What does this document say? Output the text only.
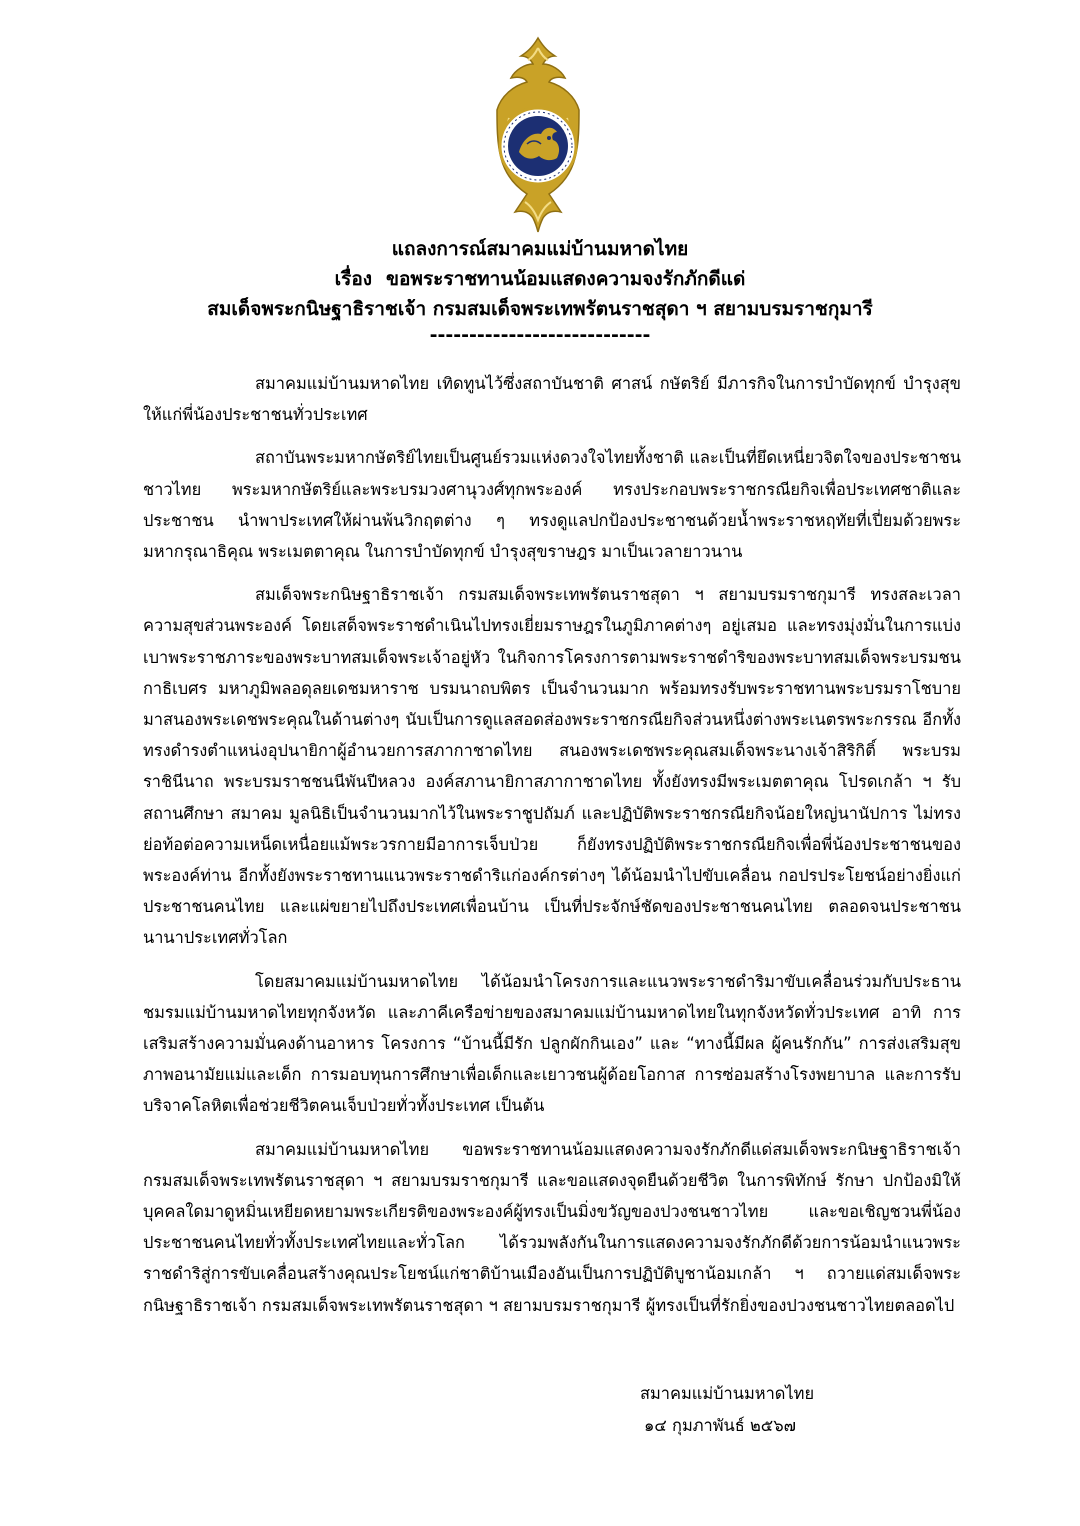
แถลงการณ์สมาคมแม่บ้านมหาดไทย
เรื่อง ขอพระราชทานน้อมแสดงความจงรักภักดีแด่
สมเด็จพระกนิษฐาธิราชเจ้า กรมสมเด็จพระเทพรัตนราชสุดา ฯ สยามบรมราชกุมารี
----------------------------

สมาคมแม่บ้านมหาดไทย เทิดทูนไว้ซึ่งสถาบันชาติ ศาสน์ กษัตริย์ มีภารกิจในการบำบัดทุกข์ บำรุงสุขให้แก่พี่น้องประชาชนทั่วประเทศ

สถาบันพระมหากษัตริย์ไทยเป็นศูนย์รวมแห่งดวงใจไทยทั้งชาติ และเป็นที่ยึดเหนี่ยวจิตใจของประชาชนชาวไทย พระมหากษัตริย์และพระบรมวงศานุวงศ์ทุกพระองค์ ทรงประกอบพระราชกรณียกิจเพื่อประเทศชาติและประชาชน นำพาประเทศให้ผ่านพ้นวิกฤตต่าง ๆ ทรงดูแลปกป้องประชาชนด้วยน้ำพระราชหฤทัยที่เปี่ยมด้วยพระมหากรุณาธิคุณ พระเมตตาคุณ ในการบำบัดทุกข์ บำรุงสุขราษฎร มาเป็นเวลายาวนาน

สมเด็จพระกนิษฐาธิราชเจ้า กรมสมเด็จพระเทพรัตนราชสุดา ฯ สยามบรมราชกุมารี ทรงสละเวลาความสุขส่วนพระองค์ โดยเสด็จพระราชดำเนินไปทรงเยี่ยมราษฎรในภูมิภาคต่างๆ อยู่เสมอ และทรงมุ่งมั่นในการแบ่งเบาพระราชภาระของพระบาทสมเด็จพระเจ้าอยู่หัว ในกิจการโครงการตามพระราชดำริของพระบาทสมเด็จพระบรมชนกาธิเบศร มหาภูมิพลอดุลยเดชมหาราช บรมนาถบพิตร เป็นจำนวนมาก พร้อมทรงรับพระราชทานพระบรมราโชบายมาสนองพระเดชพระคุณในด้านต่างๆ นับเป็นการดูแลสอดส่องพระราชกรณียกิจส่วนหนึ่งต่างพระเนตรพระกรรณ อีกทั้งทรงดำรงตำแหน่งอุปนายิกาผู้อำนวยการสภากาชาดไทย สนองพระเดชพระคุณสมเด็จพระนางเจ้าสิริกิติ์ พระบรมราชินีนาถ พระบรมราชชนนีพันปีหลวง องค์สภานายิกาสภากาชาดไทย ทั้งยังทรงมีพระเมตตาคุณ โปรดเกล้า ฯ รับสถานศึกษา สมาคม มูลนิธิเป็นจำนวนมากไว้ในพระราชูปถัมภ์ และปฏิบัติพระราชกรณียกิจน้อยใหญ่นานัปการ ไม่ทรงย่อท้อต่อความเหน็ดเหนื่อยแม้พระวรกายมีอาการเจ็บป่วย ก็ยังทรงปฏิบัติพระราชกรณียกิจเพื่อพี่น้องประชาชนของพระองค์ท่าน อีกทั้งยังพระราชทานแนวพระราชดำริแก่องค์กรต่างๆ ได้น้อมนำไปขับเคลื่อน กอปรประโยชน์อย่างยิ่งแก่ประชาชนคนไทย และแผ่ขยายไปถึงประเทศเพื่อนบ้าน เป็นที่ประจักษ์ชัดของประชาชนคนไทย ตลอดจนประชาชนนานาประเทศทั่วโลก

โดยสมาคมแม่บ้านมหาดไทย ได้น้อมนำโครงการและแนวพระราชดำริมาขับเคลื่อนร่วมกับประธานชมรมแม่บ้านมหาดไทยทุกจังหวัด และภาคีเครือข่ายของสมาคมแม่บ้านมหาดไทยในทุกจังหวัดทั่วประเทศ อาทิ การเสริมสร้างความมั่นคงด้านอาหาร โครงการ “บ้านนี้มีรัก ปลูกผักกินเอง” และ “ทางนี้มีผล ผู้คนรักกัน” การส่งเสริมสุขภาพอนามัยแม่และเด็ก การมอบทุนการศึกษาเพื่อเด็กและเยาวชนผู้ด้อยโอกาส การซ่อมสร้างโรงพยาบาล และการรับบริจาคโลหิตเพื่อช่วยชีวิตคนเจ็บป่วยทั่วทั้งประเทศ เป็นต้น

สมาคมแม่บ้านมหาดไทย ขอพระราชทานน้อมแสดงความจงรักภักดีแด่สมเด็จพระกนิษฐาธิราชเจ้า กรมสมเด็จพระเทพรัตนราชสุดา ฯ สยามบรมราชกุมารี และขอแสดงจุดยืนด้วยชีวิต ในการพิทักษ์ รักษา ปกป้องมิให้บุคคลใดมาดูหมิ่นเหยียดหยามพระเกียรติของพระองค์ผู้ทรงเป็นมิ่งขวัญของปวงชนชาวไทย และขอเชิญชวนพี่น้องประชาชนคนไทยทั่วทั้งประเทศไทยและทั่วโลก ได้รวมพลังกันในการแสดงความจงรักภักดีด้วยการน้อมนำแนวพระราชดำริสู่การขับเคลื่อนสร้างคุณประโยชน์แก่ชาติบ้านเมืองอันเป็นการปฏิบัติบูชาน้อมเกล้า ฯ ถวายแด่สมเด็จพระกนิษฐาธิราชเจ้า กรมสมเด็จพระเทพรัตนราชสุดา ฯ สยามบรมราชกุมารี ผู้ทรงเป็นที่รักยิ่งของปวงชนชาวไทยตลอดไป

สมาคมแม่บ้านมหาดไทย
๑๔ กุมภาพันธ์ ๒๕๖๗
